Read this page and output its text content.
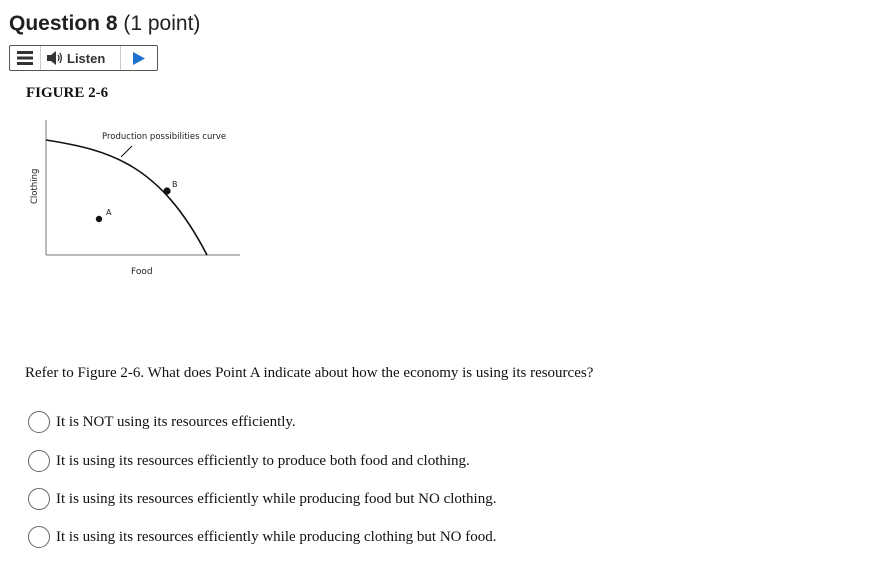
Question 8 (1 point)
Listen
FIGURE 2-6
Production possibilities curve
A
B
Food
Clothing
Refer to Figure 2-6. What does Point A indicate about how the economy is using its resources?
It is NOT using its resources efficiently.
It is using its resources efficiently to produce both food and clothing.
It is using its resources efficiently while producing food but NO clothing.
It is using its resources efficiently while producing clothing but NO food.
